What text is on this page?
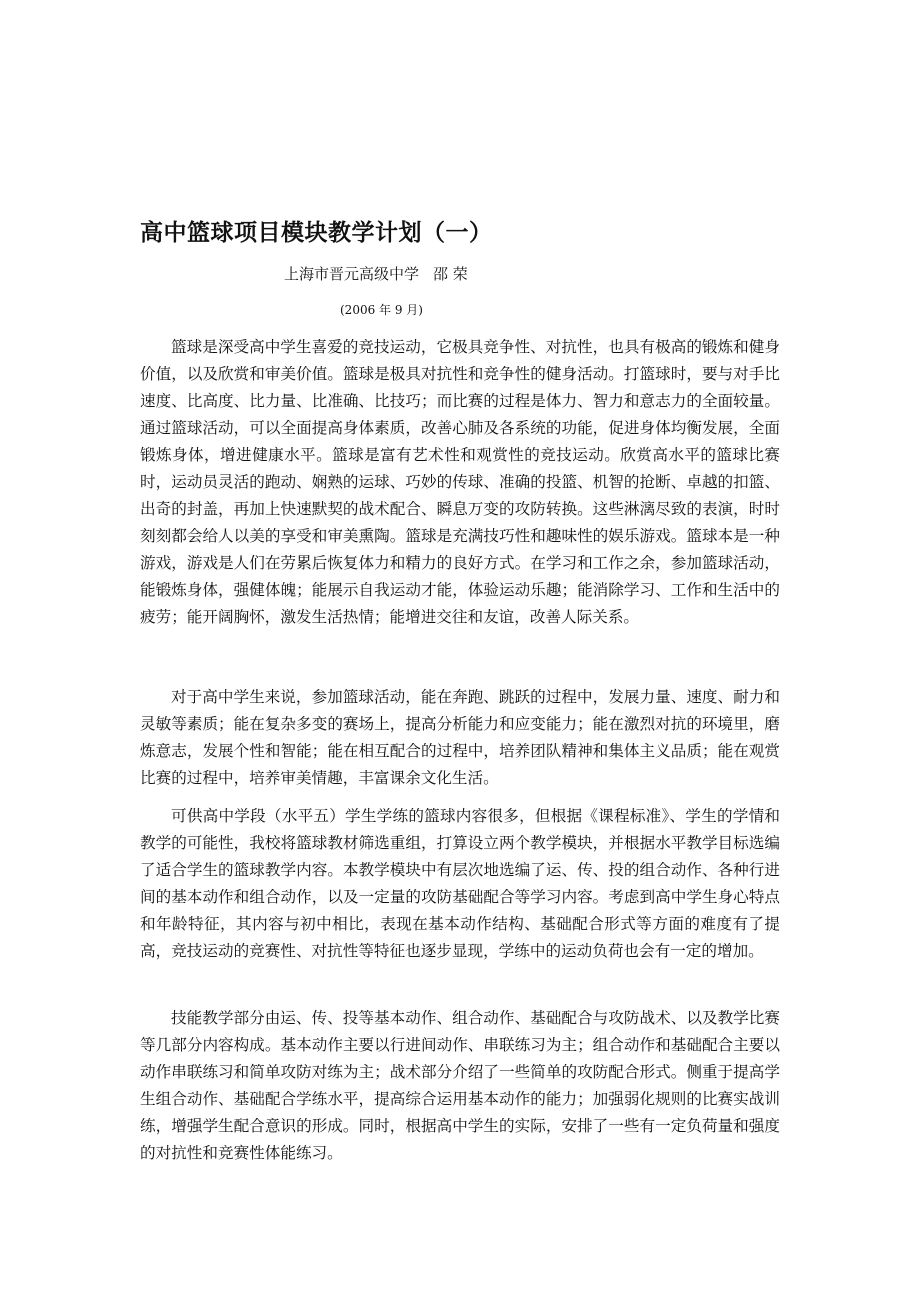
高中篮球项目模块教学计划（一）

上海市晋元高级中学 邵 荣

(2006 年 9 月)

篮球是深受高中学生喜爱的竞技运动，它极具竞争性、对抗性，也具有极高的锻炼和健身价值，以及欣赏和审美价值。篮球是极具对抗性和竞争性的健身活动。打篮球时，要与对手比速度、比高度、比力量、比准确、比技巧；而比赛的过程是体力、智力和意志力的全面较量。通过篮球活动，可以全面提高身体素质，改善心肺及各系统的功能，促进身体均衡发展，全面锻炼身体，增进健康水平。篮球是富有艺术性和观赏性的竞技运动。欣赏高水平的篮球比赛时，运动员灵活的跑动、娴熟的运球、巧妙的传球、准确的投篮、机智的抢断、卓越的扣篮、出奇的封盖，再加上快速默契的战术配合、瞬息万变的攻防转换。这些淋漓尽致的表演，时时刻刻都会给人以美的享受和审美熏陶。篮球是充满技巧性和趣味性的娱乐游戏。篮球本是一种游戏，游戏是人们在劳累后恢复体力和精力的良好方式。在学习和工作之余，参加篮球活动，能锻炼身体，强健体魄；能展示自我运动才能，体验运动乐趣；能消除学习、工作和生活中的疲劳；能开阔胸怀，激发生活热情；能增进交往和友谊，改善人际关系。

对于高中学生来说，参加篮球活动，能在奔跑、跳跃的过程中，发展力量、速度、耐力和灵敏等素质；能在复杂多变的赛场上，提高分析能力和应变能力；能在激烈对抗的环境里，磨炼意志，发展个性和智能；能在相互配合的过程中，培养团队精神和集体主义品质；能在观赏比赛的过程中，培养审美情趣，丰富课余文化生活。

可供高中学段（水平五）学生学练的篮球内容很多，但根据《课程标准》、学生的学情和教学的可能性，我校将篮球教材筛选重组，打算设立两个教学模块，并根据水平教学目标选编了适合学生的篮球教学内容。本教学模块中有层次地选编了运、传、投的组合动作、各种行进间的基本动作和组合动作，以及一定量的攻防基础配合等学习内容。考虑到高中学生身心特点和年龄特征，其内容与初中相比，表现在基本动作结构、基础配合形式等方面的难度有了提高，竞技运动的竞赛性、对抗性等特征也逐步显现，学练中的运动负荷也会有一定的增加。

技能教学部分由运、传、投等基本动作、组合动作、基础配合与攻防战术、以及教学比赛等几部分内容构成。基本动作主要以行进间动作、串联练习为主；组合动作和基础配合主要以动作串联练习和简单攻防对练为主；战术部分介绍了一些简单的攻防配合形式。侧重于提高学生组合动作、基础配合学练水平，提高综合运用基本动作的能力；加强弱化规则的比赛实战训练，增强学生配合意识的形成。同时，根据高中学生的实际，安排了一些有一定负荷量和强度的对抗性和竞赛性体能练习。
